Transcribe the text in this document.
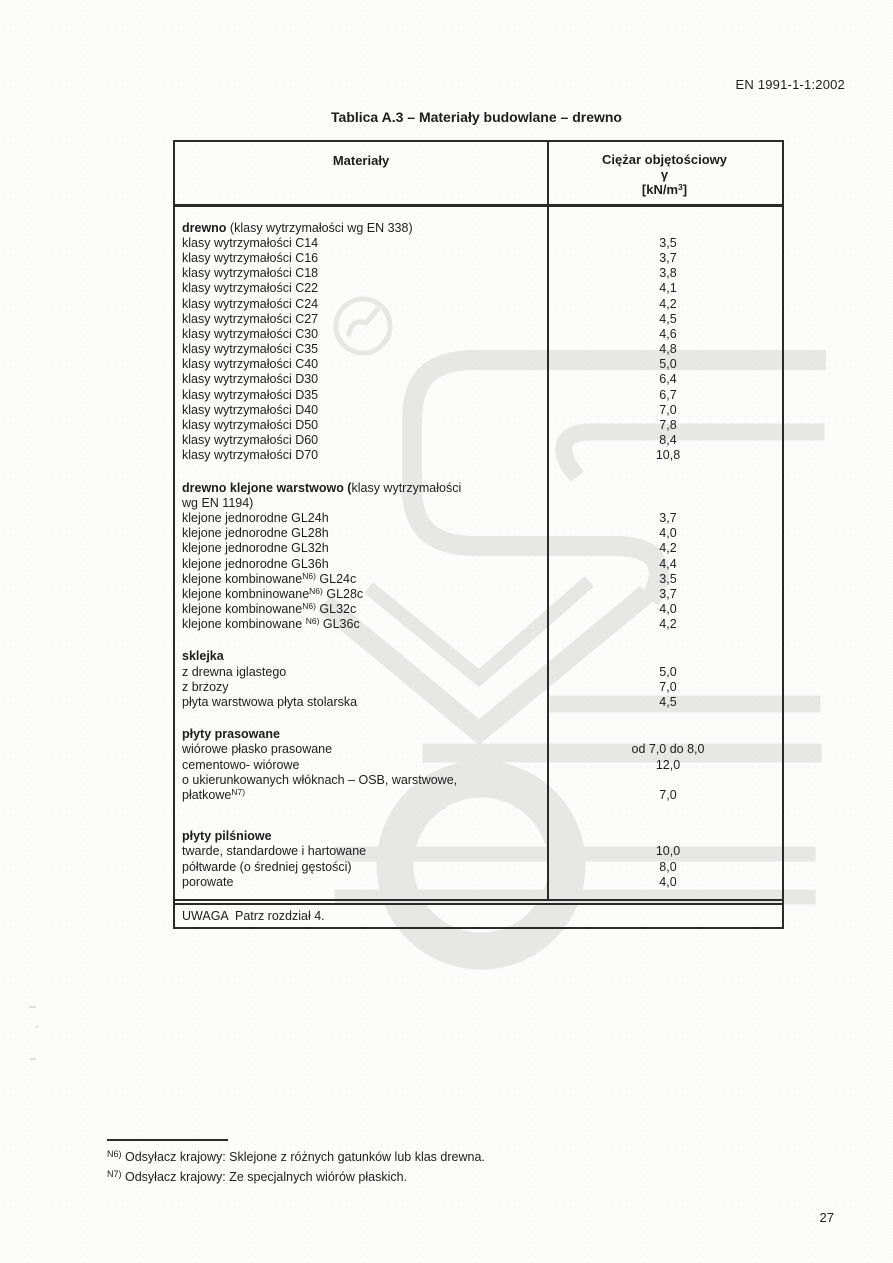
EN 1991-1-1:2002
Tablica A.3 – Materiały budowlane – drewno
Materiały	Ciężar objętościowy
γ
$[kN/m^3]$
drewno (klasy wytrzymałości wg EN 338)
klasy wytrzymałości C14	3,5
klasy wytrzymałości C16	3,7
klasy wytrzymałości C18	3,8
klasy wytrzymałości C22	4,1
klasy wytrzymałości C24	4,2
klasy wytrzymałości C27	4,5
klasy wytrzymałości C30	4,6
klasy wytrzymałości C35	4,8
klasy wytrzymałości C40	5,0
klasy wytrzymałości D30	6,4
klasy wytrzymałości D35	6,7
klasy wytrzymałości D40	7,0
klasy wytrzymałości D50	7,8
klasy wytrzymałości D60	8,4
klasy wytrzymałości D70	10,8
drewno klejone warstwowo (klasy wytrzymałości
wg EN 1194)
klejone jednorodne GL24h	3,7
klejone jednorodne GL28h	4,0
klejone jednorodne GL32h	4,2
klejone jednorodne GL36h	4,4
klejone kombinowane$^{N6)}$ GL24c	3,5
klejone kombninowane$^{N6)}$ GL28c	3,7
klejone kombinowane$^{N6)}$ GL32c	4,0
klejone kombinowane $^{N6)}$ GL36c	4,2
sklejka
z drewna iglastego	5,0
z brzozy	7,0
płyta warstwowa płyta stolarska	4,5
płyty prasowane
wiórowe płasko prasowane	od 7,0 do 8,0
cementowo- wiórowe	12,0
o ukierunkowanych włóknach – OSB, warstwowe,
płatkowe$^{N7)}$	7,0
płyty pilśniowe
twarde, standardowe i hartowane	10,0
półtwarde (o średniej gęstości)	8,0
porowate	4,0
UWAGA  Patrz rozdział 4.
$^{N6)}$ Odsyłacz krajowy: Sklejone z różnych gatunków lub klas drewna.
$^{N7)}$ Odsyłacz krajowy: Ze specjalnych wiórów płaskich.
27
